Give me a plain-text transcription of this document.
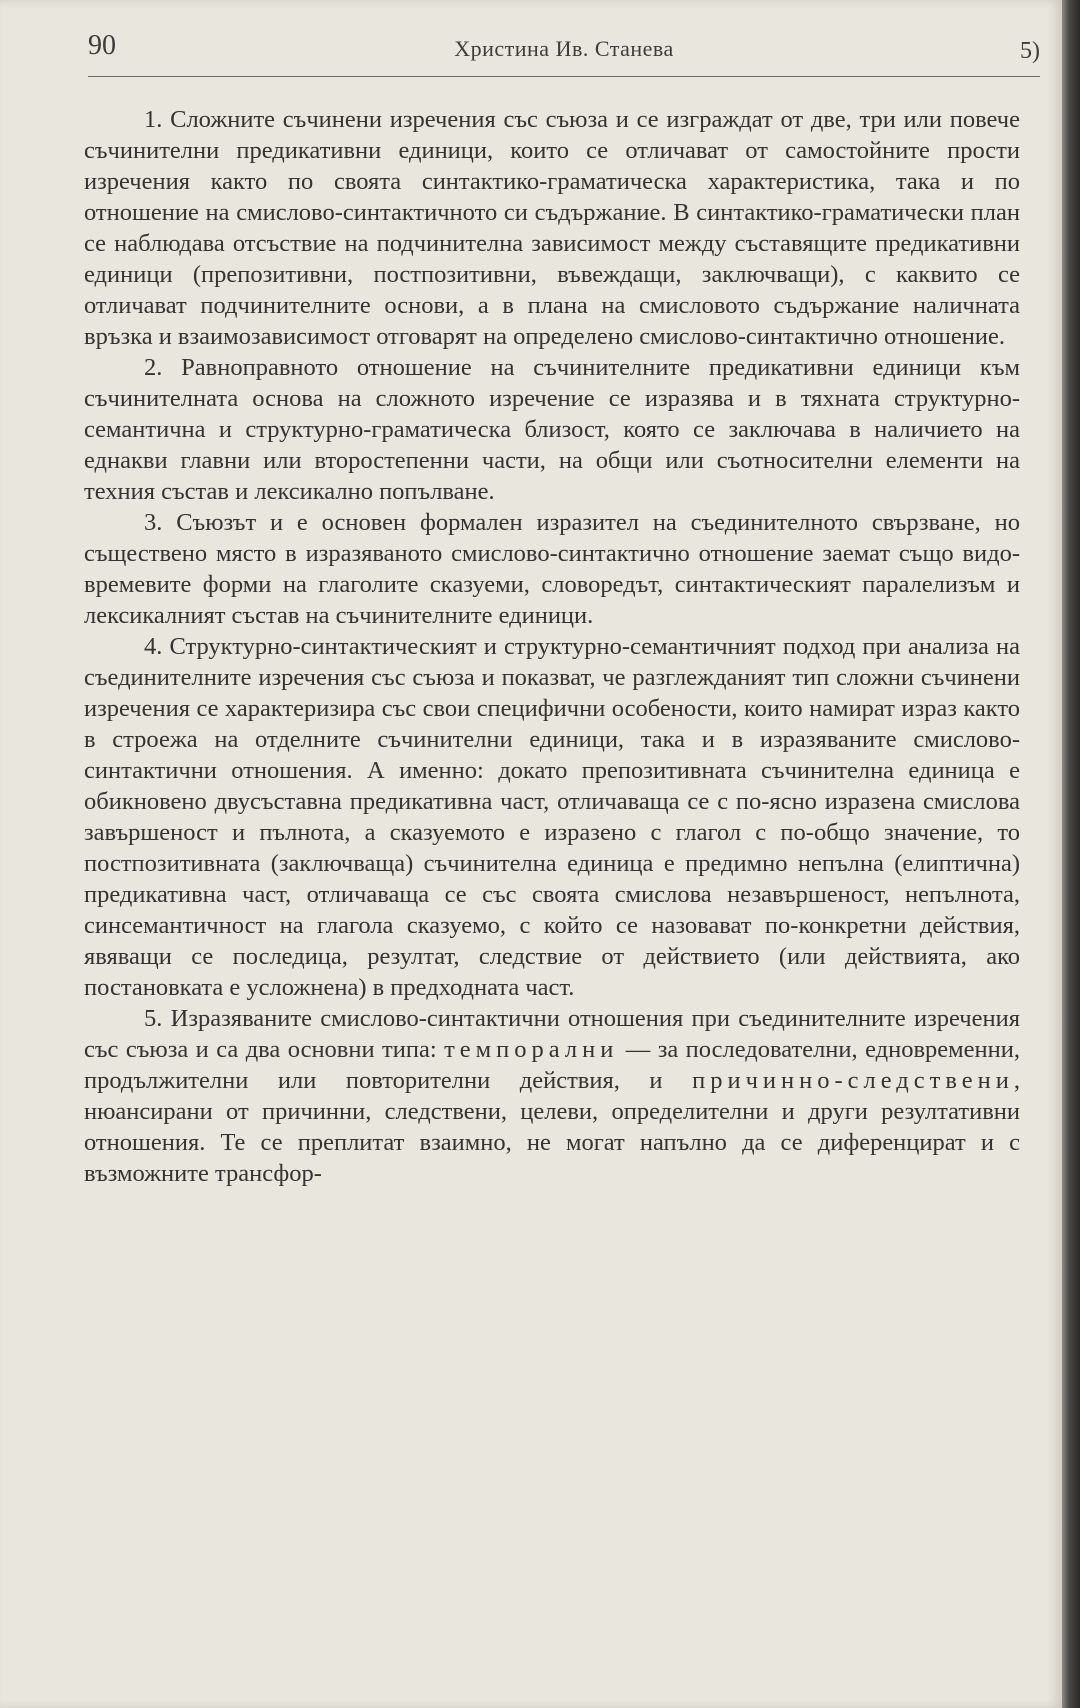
90	Христина Ив. Станева	5)

1. Сложните съчинени изречения със съюза и се изграждат от две, три или повече съчинителни предикативни единици, които се отличават от самостойните прости изречения както по своята синтактико-граматическа характеристика, така и по отношение на смислово-синтактичното си съдържание. В синтактико-граматически план се наблюдава отсъствие на подчинителна зависимост между съставящите предикативни единици (препозитивни, постпозитивни, въвеждащи, заключващи), с каквито се отличават подчинителните основи, а в плана на смисловото съдържание наличната връзка и взаимозависимост отговарят на определено смислово-синтактично отношение.

2. Равноправното отношение на съчинителните предикативни единици към съчинителната основа на сложното изречение се изразява и в тяхната структурно-семантична и структурно-граматическа близост, която се заключава в наличието на еднакви главни или второстепенни части, на общи или съотносителни елементи на техния състав и лексикално попълване.

3. Съюзът и е основен формален изразител на съединителното свързване, но съществено място в изразяваното смислово-синтактично отношение заемат също видо-времевите форми на глаголите сказуеми, словоредът, синтактическият паралелизъм и лексикалният състав на съчинителните единици.

4. Структурно-синтактическият и структурно-семантичният подход при анализа на съединителните изречения със съюза и показват, че разглежданият тип сложни съчинени изречения се характеризира със свои специфични особености, които намират израз както в строежа на отделните съчинителни единици, така и в изразяваните смислово-синтактични отношения. А именно: докато препозитивната съчинителна единица е обикновено двусъставна предикативна част, отличаваща се с по-ясно изразена смислова завършеност и пълнота, а сказуемото е изразено с глагол с по-общо значение, то постпозитивната (заключваща) съчинителна единица е предимно непълна (елиптична) предикативна част, отличаваща се със своята смислова незавършеност, непълнота, синсемантичност на глагола сказуемо, с който се назовават по-конкретни действия, явяващи се последица, резултат, следствие от действието (или действията, ако постановката е усложнена) в предходната част.

5. Изразяваните смислово-синтактични отношения при съединителните изречения със съюза и са два основни типа: темпорални — за последователни, едновременни, продължителни или повторителни действия, и причинно-следствени, нюансирани от причинни, следствени, целеви, определителни и други резултативни отношения. Те се преплитат взаимно, не могат напълно да се диференцират и с възможните трансфор-
